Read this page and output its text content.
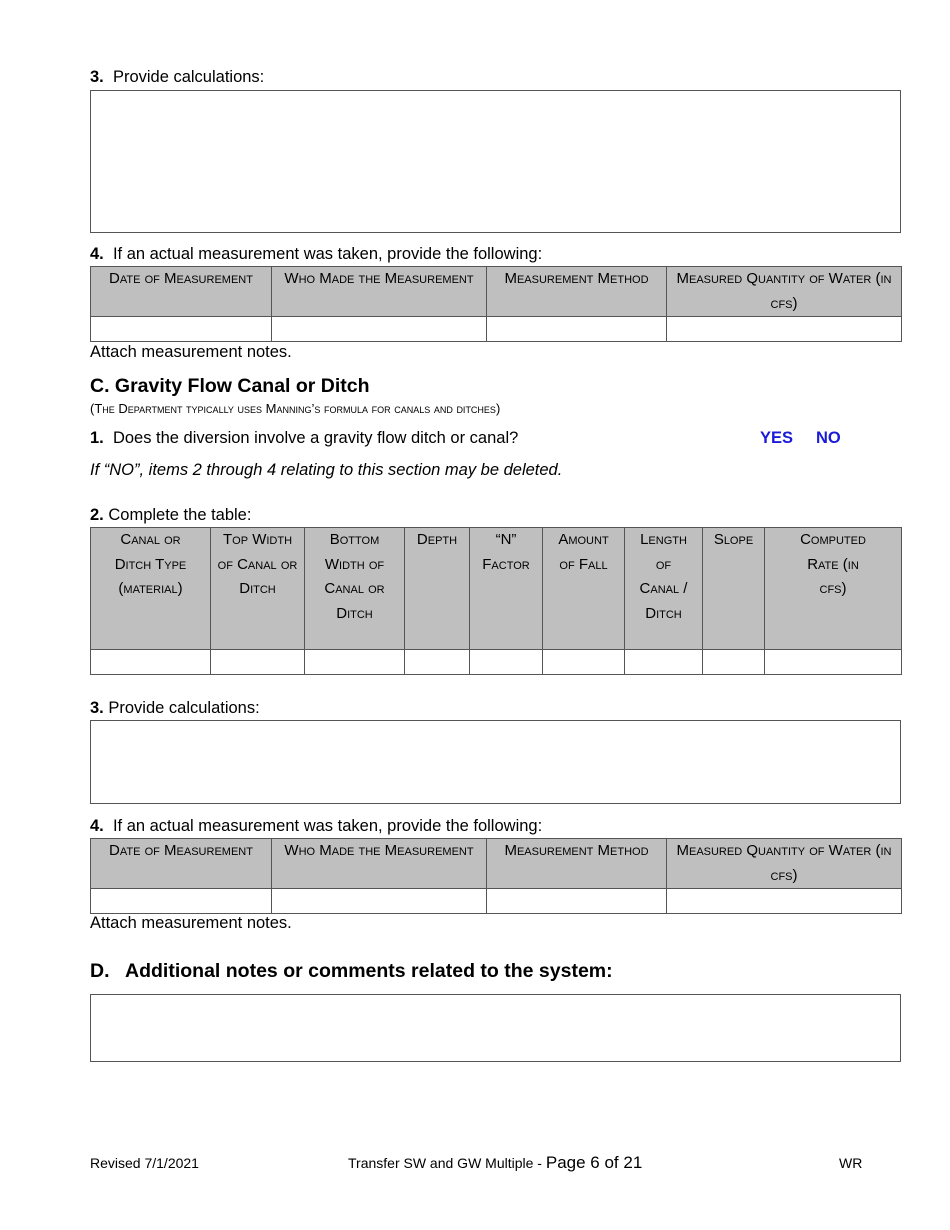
3. Provide calculations:
4. If an actual measurement was taken, provide the following:
Date of Measurement	Who Made the Measurement	Measurement Method	Measured Quantity of Water (in cfs)

Attach measurement notes.
C. Gravity Flow Canal or Ditch
(The Department typically uses Manning’s formula for canals and ditches)
1. Does the diversion involve a gravity flow ditch or canal?	YES NO
If “NO”, items 2 through 4 relating to this section may be deleted.
2. Complete the table:
Canal or Ditch Type (material)	Top Width of Canal or Ditch	Bottom Width of Canal or Ditch	Depth	“N” Factor	Amount of Fall	Length of Canal / Ditch	Slope	Computed Rate (in cfs)

3. Provide calculations:
4. If an actual measurement was taken, provide the following:
Date of Measurement	Who Made the Measurement	Measurement Method	Measured Quantity of Water (in cfs)

Attach measurement notes.
D. Additional notes or comments related to the system:
Revised 7/1/2021	Transfer SW and GW Multiple - Page 6 of 21	WR
